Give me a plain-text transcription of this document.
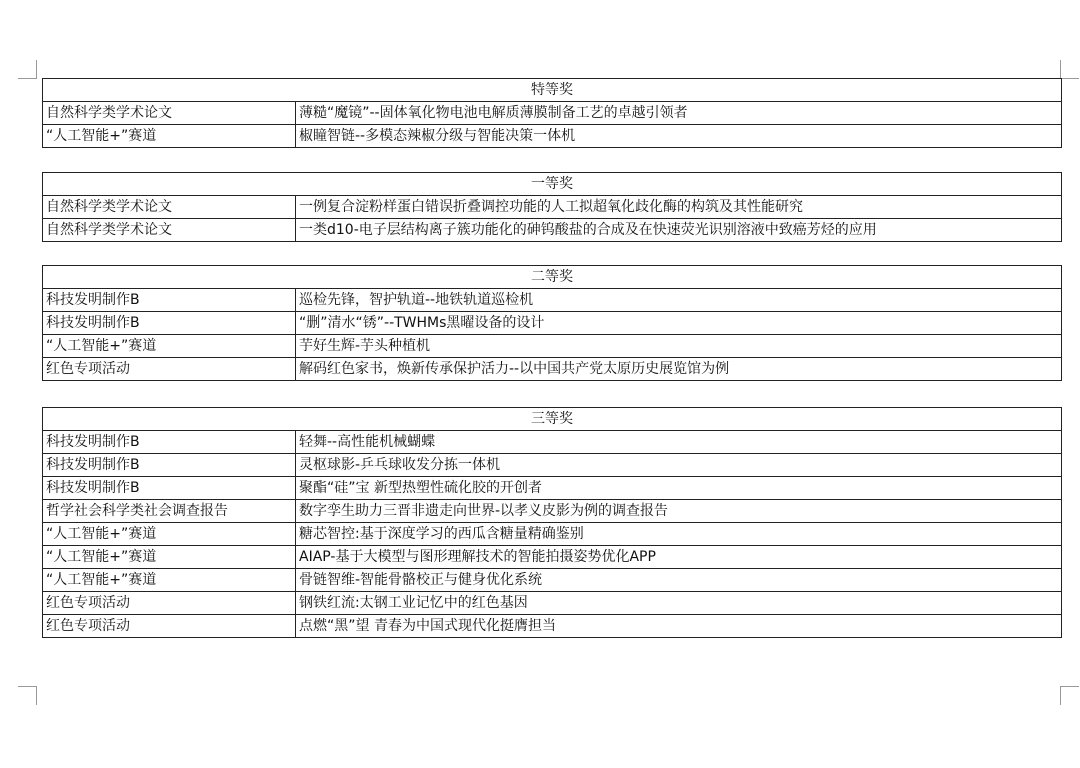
特等奖	
自然科学类学术论文	薄糙“魔镜”--固体氧化物电池电解质薄膜制备工艺的卓越引领者
“人工智能+”赛道	椒瞳智链--多模态辣椒分级与智能决策一体机
一等奖	
自然科学类学术论文	一例复合淀粉样蛋白错误折叠调控功能的人工拟超氧化歧化酶的构筑及其性能研究
自然科学类学术论文	一类d10-电子层结构离子簇功能化的砷钨酸盐的合成及在快速荧光识别溶液中致癌芳烃的应用
二等奖	
科技发明制作B	巡检先锋，智护轨道--地铁轨道巡检机
科技发明制作B	“删”清水“锈”--TWHMs黑曜设备的设计
“人工智能+”赛道	芋好生辉-芋头种植机
红色专项活动	解码红色家书，焕新传承保护活力--以中国共产党太原历史展览馆为例
三等奖	
科技发明制作B	轻舞--高性能机械蝴蝶
科技发明制作B	灵枢球影-乒乓球收发分拣一体机
科技发明制作B	聚酯“硅”宝 新型热塑性硫化胶的开创者
哲学社会科学类社会调查报告	数字孪生助力三晋非遗走向世界-以孝义皮影为例的调查报告
“人工智能+”赛道	糖芯智控:基于深度学习的西瓜含糖量精确鉴别
“人工智能+”赛道	AIAP-基于大模型与图形理解技术的智能拍摄姿势优化APP
“人工智能+”赛道	骨链智维-智能骨骼校正与健身优化系统
红色专项活动	钢铁红流:太钢工业记忆中的红色基因
红色专项活动	点燃“黑”望 青春为中国式现代化挺膺担当
